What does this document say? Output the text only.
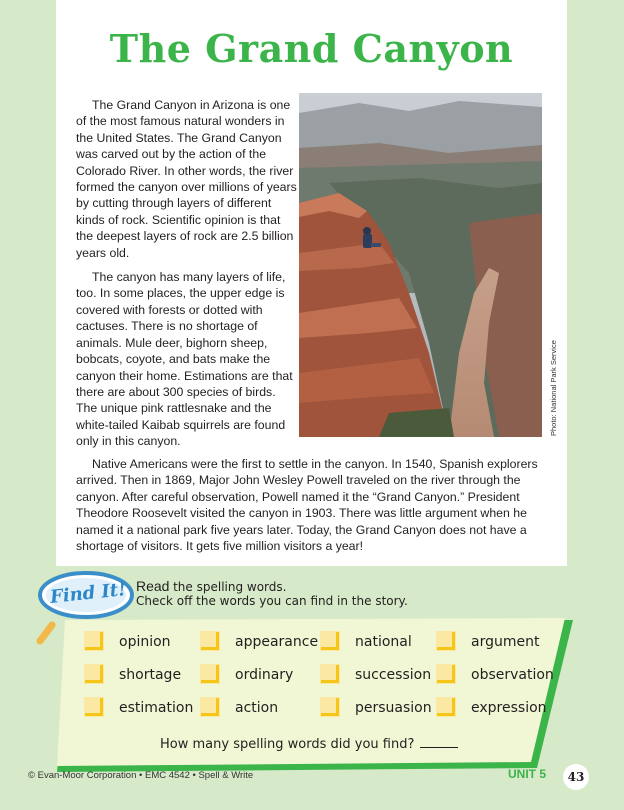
The Grand Canyon

The Grand Canyon in Arizona is one of the most famous natural wonders in the United States. The Grand Canyon was carved out by the action of the Colorado River. In other words, the river formed the canyon over millions of years by cutting through layers of different kinds of rock. Scientific opinion is that the deepest layers of rock are 2.5 billion years old.

The canyon has many layers of life, too. In some places, the upper edge is covered with forests or dotted with cactuses. There is no shortage of animals. Mule deer, bighorn sheep, bobcats, coyote, and bats make the canyon their home. Estimations are that there are about 300 species of birds. The unique pink rattlesnake and the white-tailed Kaibab squirrels are found only in this canyon.

Photo: National Park Service

Native Americans were the first to settle in the canyon. In 1540, Spanish explorers arrived. Then in 1869, Major John Wesley Powell traveled on the river through the canyon. After careful observation, Powell named it the “Grand Canyon.” President Theodore Roosevelt visited the canyon in 1903. There was little argument when he named it a national park five years later. Today, the Grand Canyon does not have a shortage of visitors. It gets five million visitors a year!

Find It! Read the spelling words.
Check off the words you can find in the story.
opinion	appearance	national	argument
shortage	ordinary	succession	observation
estimation	action	persuasion	expression
How many spelling words did you find?
© Evan-Moor Corporation • EMC 4542 • Spell & Write	UNIT 5	43
